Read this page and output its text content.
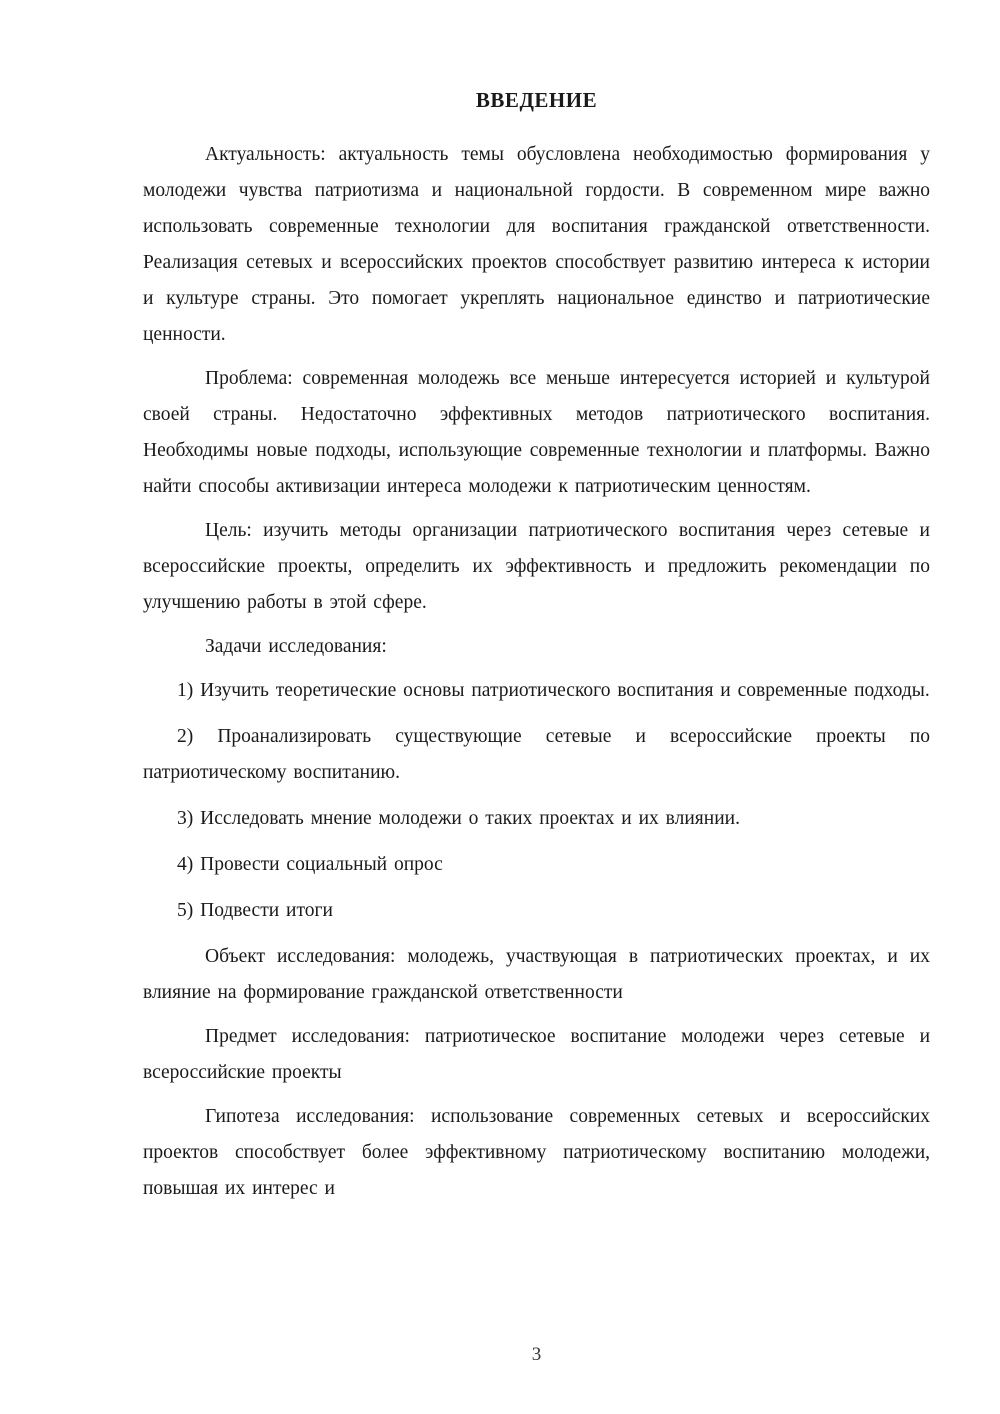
ВВЕДЕНИЕ

Актуальность: актуальность темы обусловлена необходимостью формирования у молодежи чувства патриотизма и национальной гордости. В современном мире важно использовать современные технологии для воспитания гражданской ответственности. Реализация сетевых и всероссийских проектов способствует развитию интереса к истории и культуре страны. Это помогает укреплять национальное единство и патриотические ценности.

Проблема: современная молодежь все меньше интересуется историей и культурой своей страны. Недостаточно эффективных методов патриотического воспитания. Необходимы новые подходы, использующие современные технологии и платформы. Важно найти способы активизации интереса молодежи к патриотическим ценностям.

Цель: изучить методы организации патриотического воспитания через сетевые и всероссийские проекты, определить их эффективность и предложить рекомендации по улучшению работы в этой сфере.

Задачи исследования:

1) Изучить теоретические основы патриотического воспитания и современные подходы.

2) Проанализировать существующие сетевые и всероссийские проекты по патриотическому воспитанию.

3) Исследовать мнение молодежи о таких проектах и их влиянии.

4) Провести социальный опрос

5) Подвести итоги

Объект исследования: молодежь, участвующая в патриотических проектах, и их влияние на формирование гражданской ответственности

Предмет исследования: патриотическое воспитание молодежи через сетевые и всероссийские проекты

Гипотеза исследования: использование современных сетевых и всероссийских проектов способствует более эффективному патриотическому воспитанию молодежи, повышая их интерес и

3
